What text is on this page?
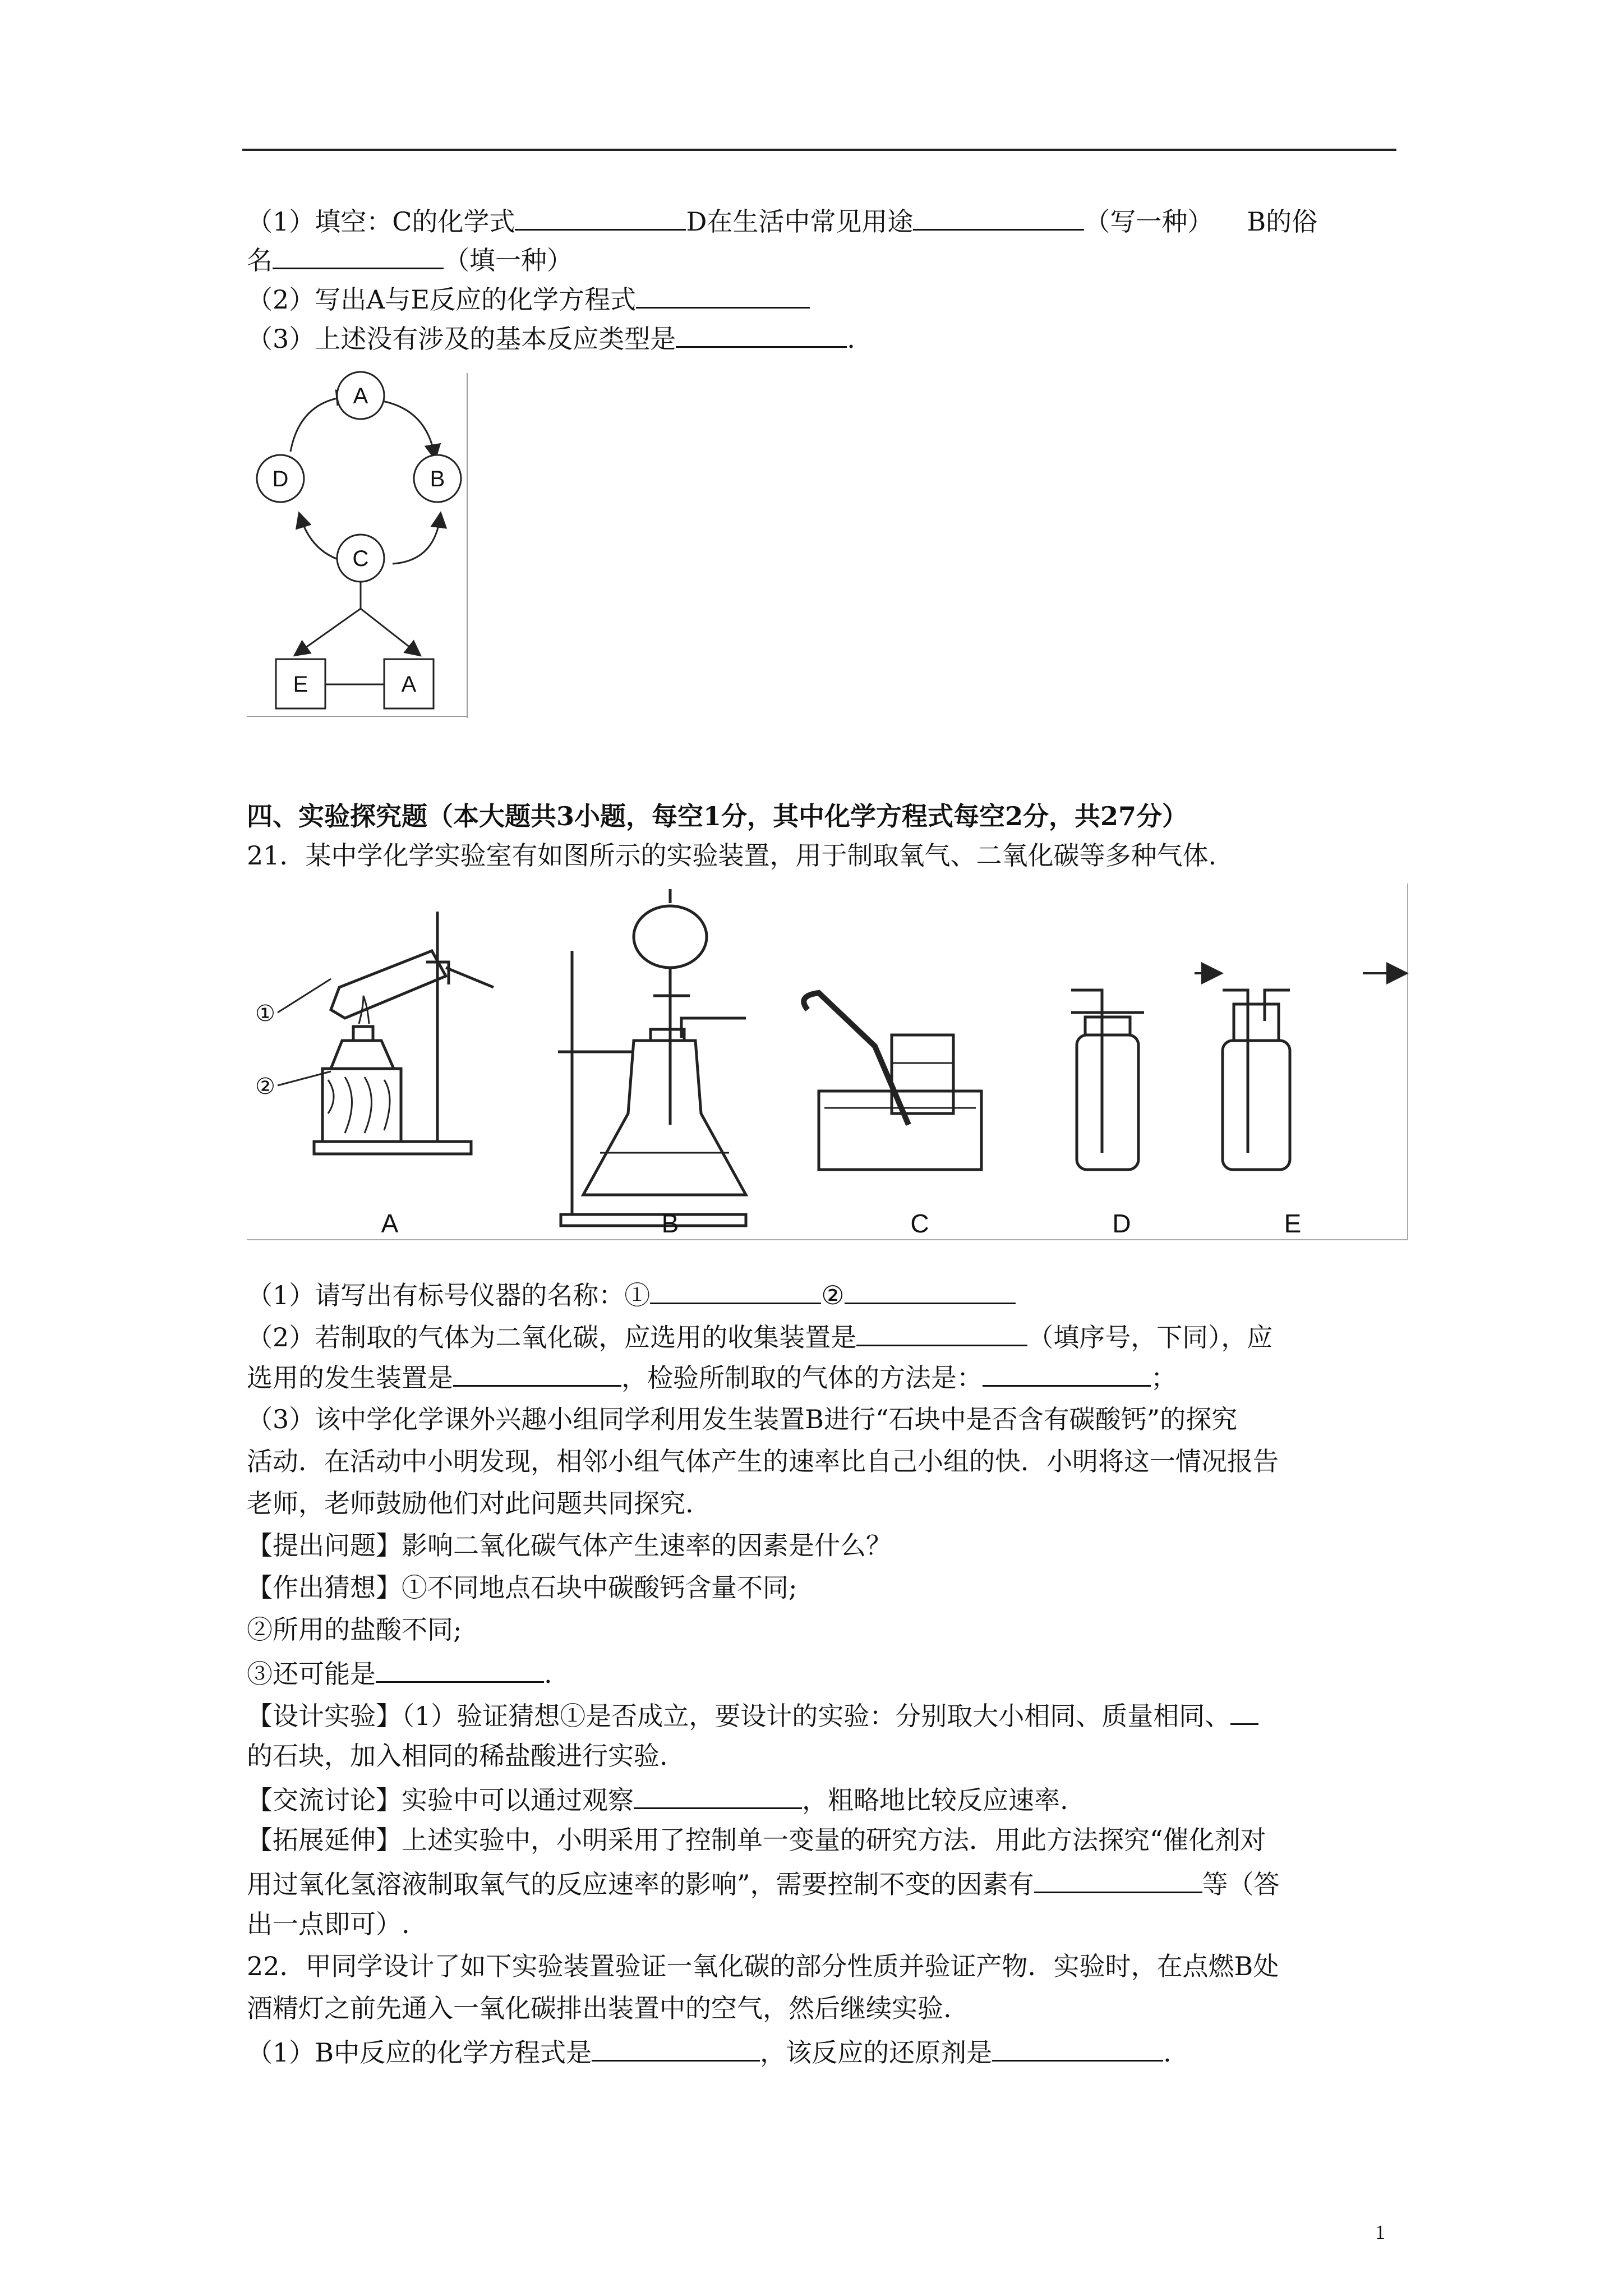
（1）填空：C的化学式	D在生活中常见用途	（写一种） B的俗
名	（填一种）
（2）写出A与E反应的化学方程式
（3）上述没有涉及的基本反应类型是	.
A
B
C
D
E	A
四、实验探究题（本大题共3小题，每空1分，其中化学方程式每空2分，共27分）
21．某中学化学实验室有如图所示的实验装置，用于制取氧气、二氧化碳等多种气体.
①
②
A	B	C	D	E
（1）请写出有标号仪器的名称：①	②
（2）若制取的气体为二氧化碳，应选用的收集装置是	（填序号，下同），应
选用的发生装置是	，检验所制取的气体的方法是：	；
（3）该中学化学课外兴趣小组同学利用发生装置B进行“石块中是否含有碳酸钙”的探究
活动．在活动中小明发现，相邻小组气体产生的速率比自己小组的快．小明将这一情况报告
老师，老师鼓励他们对此问题共同探究.
【提出问题】影响二氧化碳气体产生速率的因素是什么？
【作出猜想】①不同地点石块中碳酸钙含量不同;
②所用的盐酸不同;
③还可能是	.
【设计实验】（1）验证猜想①是否成立，要设计的实验：分别取大小相同、质量相同、
的石块，加入相同的稀盐酸进行实验.
【交流讨论】实验中可以通过观察	，粗略地比较反应速率.
【拓展延伸】上述实验中，小明采用了控制单一变量的研究方法．用此方法探究“催化剂对
用过氧化氢溶液制取氧气的反应速率的影响”，需要控制不变的因素有	等（答
出一点即可）.
22．甲同学设计了如下实验装置验证一氧化碳的部分性质并验证产物．实验时，在点燃B处
酒精灯之前先通入一氧化碳排出装置中的空气，然后继续实验.
（1）B中反应的化学方程式是	，该反应的还原剂是	.
1
